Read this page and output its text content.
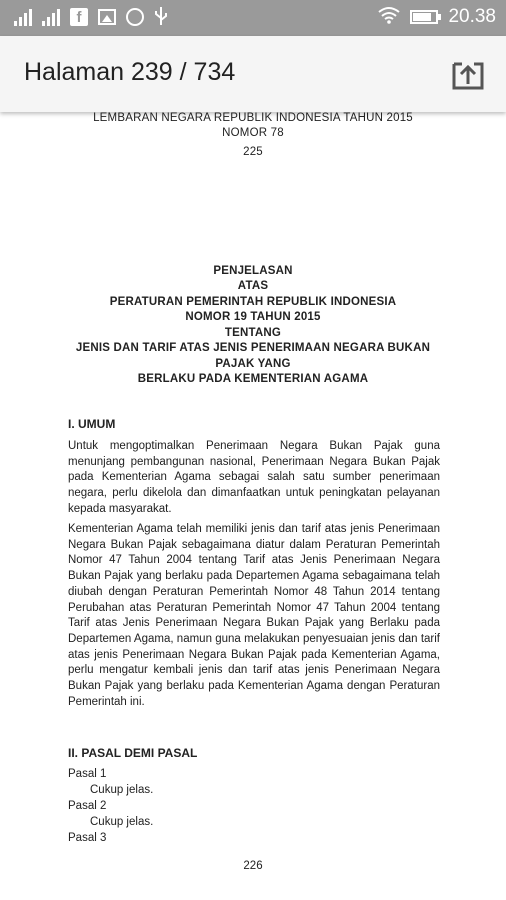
f	20.38
Halaman 239 / 734
LEMBARAN NEGARA REPUBLIK INDONESIA TAHUN 2015
NOMOR 78
225
PENJELASAN
ATAS
PERATURAN PEMERINTAH REPUBLIK INDONESIA
NOMOR 19 TAHUN 2015
TENTANG
JENIS DAN TARIF ATAS JENIS PENERIMAAN NEGARA BUKAN
PAJAK YANG
BERLAKU PADA KEMENTERIAN AGAMA
I. UMUM
Untuk mengoptimalkan Penerimaan Negara Bukan Pajak guna menunjang pembangunan nasional, Penerimaan Negara Bukan Pajak pada Kementerian Agama sebagai salah satu sumber penerimaan negara, perlu dikelola dan dimanfaatkan untuk peningkatan pelayanan kepada masyarakat.
Kementerian Agama telah memiliki jenis dan tarif atas jenis Penerimaan Negara Bukan Pajak sebagaimana diatur dalam Peraturan Pemerintah Nomor 47 Tahun 2004 tentang Tarif atas Jenis Penerimaan Negara Bukan Pajak yang berlaku pada Departemen Agama sebagaimana telah diubah dengan Peraturan Pemerintah Nomor 48 Tahun 2014 tentang Perubahan atas Peraturan Pemerintah Nomor 47 Tahun 2004 tentang Tarif atas Jenis Penerimaan Negara Bukan Pajak yang Berlaku pada Departemen Agama, namun guna melakukan penyesuaian jenis dan tarif atas jenis Penerimaan Negara Bukan Pajak pada Kementerian Agama, perlu mengatur kembali jenis dan tarif atas jenis Penerimaan Negara Bukan Pajak yang berlaku pada Kementerian Agama dengan Peraturan Pemerintah ini.
II. PASAL DEMI PASAL
Pasal 1
Cukup jelas.
Pasal 2
Cukup jelas.
Pasal 3
226
